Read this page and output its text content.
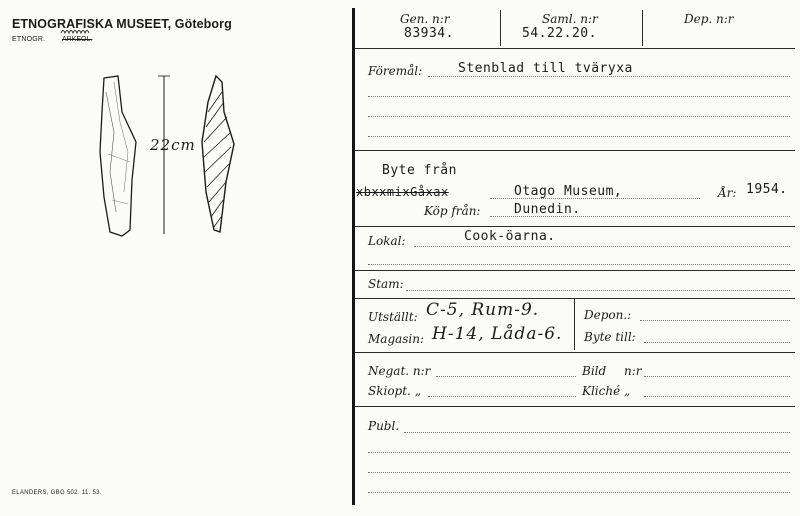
ETNOGRAFISKA MUSEET, Göteborg
ETNOGR. ARKEOL.
22cm
ELANDERS, GBG 502. 11. 53.
Gen. n:r
83934.
Saml. n:r
54.22.20.
Dep. n:r
Föremål:	Stenblad till tväryxa
Byte från
xbxxmixGåxax	Otago Museum,	År: 1954.
Köp från:	Dunedin.
Lokal:	Cook-öarna.
Stam:
Utställt: C-5, Rum-9.
Magasin: H-14, Låda-6.
Depon.:
Byte till:
Negat. n:r	Bild n:r
Skiopt. „	Kliché „
Publ.
